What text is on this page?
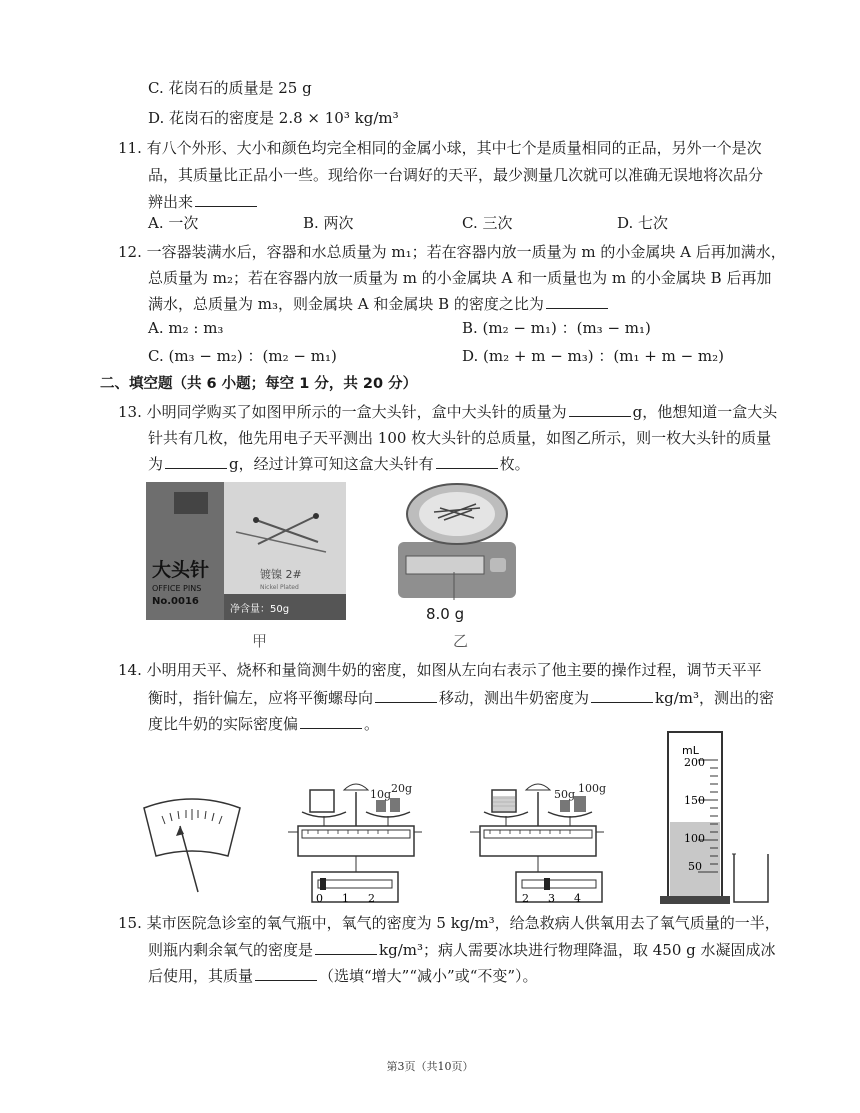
C. 花岗石的质量是 25 g
D. 花岗石的密度是 2.8 × 10³ kg/m³
11. 有八个外形、大小和颜色均完全相同的金属小球，其中七个是质量相同的正品，另外一个是次
品，其质量比正品小一些。现给你一台调好的天平，最少测量几次就可以准确无误地将次品分
辨出来
A. 一次	B. 两次	C. 三次	D. 七次
12. 一容器装满水后，容器和水总质量为 m₁；若在容器内放一质量为 m 的小金属块 A 后再加满水，
总质量为 m₂；若在容器内放一质量为 m 的小金属块 A 和一质量也为 m 的小金属块 B 后再加
满水，总质量为 m₃，则金属块 A 和金属块 B 的密度之比为
A. m₂ : m₃	B. (m₂ − m₁) ：(m₃ − m₁)
C. (m₃ − m₂) ：(m₂ − m₁)	D. (m₂ + m − m₃) ：(m₁ + m − m₂)
二、填空题（共 6 小题；每空 1 分，共 20 分）
13. 小明同学购买了如图甲所示的一盒大头针，盒中大头针的质量为	g，他想知道一盒大头
针共有几枚，他先用电子天平测出 100 枚大头针的总质量，如图乙所示，则一枚大头针的质量
为	g，经过计算可知这盒大头针有	枚。
大头针
OFFICE PINS
No.0016
镀镍 2#
Nickel Plated
净含量：50g
甲
8.0 g
乙
14. 小明用天平、烧杯和量筒测牛奶的密度，如图从左向右表示了他主要的操作过程，调节天平平
衡时，指针偏左，应将平衡螺母向	移动，测出牛奶密度为	kg/m³，测出的密
度比牛奶的实际密度偏	。
10g 20g
0 1 2
50g 100g
2 3 4
mL
200
150
100
50
15. 某市医院急诊室的氧气瓶中，氧气的密度为 5 kg/m³，给急救病人供氧用去了氧气质量的一半，
则瓶内剩余氧气的密度是	kg/m³；病人需要冰块进行物理降温，取 450 g 水凝固成冰
后使用，其质量	（选填“增大”“减小”或“不变”）。
第3页（共10页）
